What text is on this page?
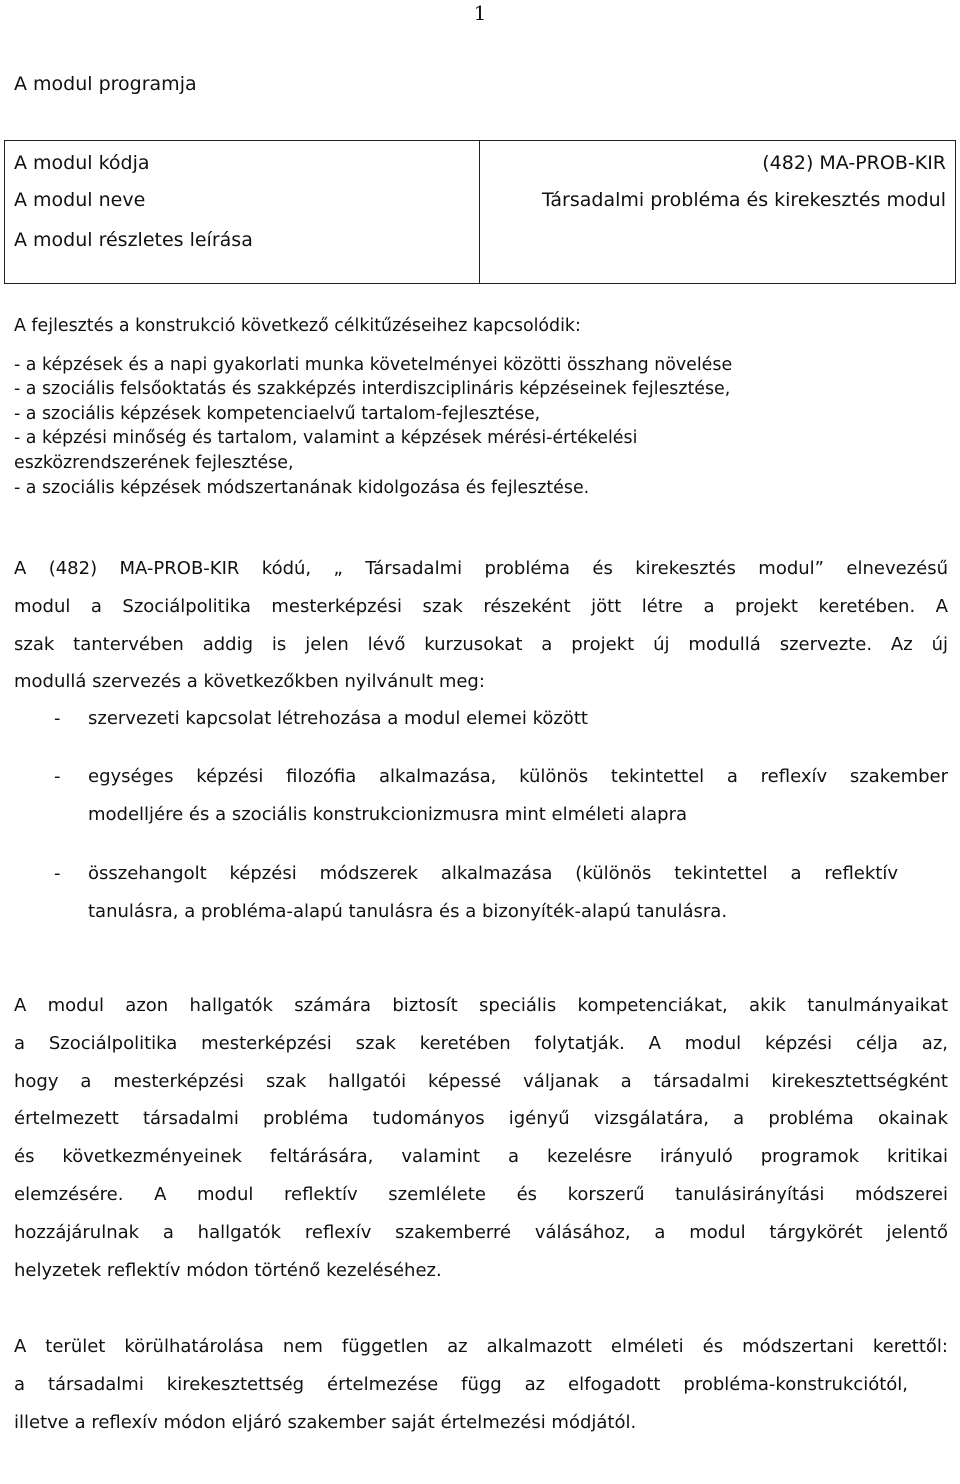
1
A modul programja
A modul kódja	(482) MA-PROB-KIR
A modul neve	Társadalmi probléma és kirekesztés modul
A modul részletes leírása	
A fejlesztés a konstrukció következő célkitűzéseihez kapcsolódik:
- a képzések és a napi gyakorlati munka követelményei közötti összhang növelése
- a szociális felsőoktatás és szakképzés interdiszciplináris képzéseinek fejlesztése,
- a szociális képzések kompetenciaelvű tartalom-fejlesztése,
- a képzési minőség és tartalom, valamint a képzések mérési-értékelési
eszközrendszerének fejlesztése,
- a szociális képzések módszertanának kidolgozása és fejlesztése.
A (482) MA-PROB-KIR kódú, „ Társadalmi probléma és kirekesztés modul” elnevezésű
modul a Szociálpolitika mesterképzési szak részeként jött létre a projekt keretében. A
szak tantervében addig is jelen lévő kurzusokat a projekt új modullá szervezte. Az új
modullá szervezés a következőkben nyilvánult meg:
- szervezeti kapcsolat létrehozása a modul elemei között
- egységes képzési filozófia alkalmazása, különös tekintettel a reflexív szakember
modelljére és a szociális konstrukcionizmusra mint elméleti alapra
- összehangolt képzési módszerek alkalmazása (különös tekintettel a reflektív
tanulásra, a probléma-alapú tanulásra és a bizonyíték-alapú tanulásra.
A modul azon hallgatók számára biztosít speciális kompetenciákat, akik tanulmányaikat
a Szociálpolitika mesterképzési szak keretében folytatják. A modul képzési célja az,
hogy a mesterképzési szak hallgatói képessé váljanak a társadalmi kirekesztettségként
értelmezett társadalmi probléma tudományos igényű vizsgálatára, a probléma okainak
és következményeinek feltárására, valamint a kezelésre irányuló programok kritikai
elemzésére. A modul reflektív szemlélete és korszerű tanulásirányítási módszerei
hozzájárulnak a hallgatók reflexív szakemberré válásához, a modul tárgykörét jelentő
helyzetek reflektív módon történő kezeléséhez.
A terület körülhatárolása nem független az alkalmazott elméleti és módszertani kerettől:
a társadalmi kirekesztettség értelmezése függ az elfogadott probléma-konstrukciótól,
illetve a reflexív módon eljáró szakember saját értelmezési módjától.
